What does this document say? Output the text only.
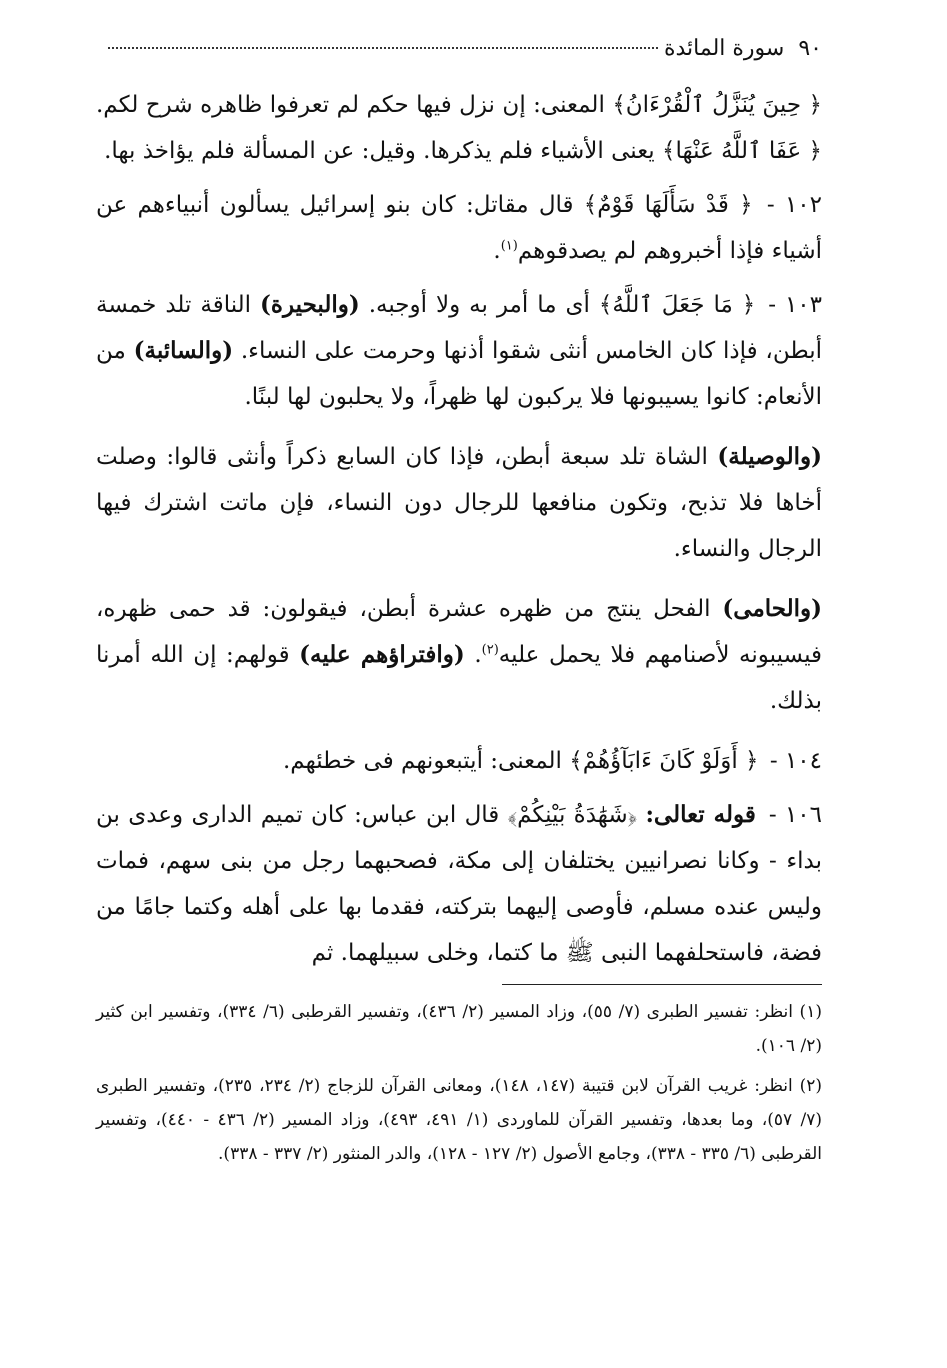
٩٠
سورة المائدة

﴿ حِينَ يُنَزَّلُ ٱلْقُرْءَانُ﴾ المعنى: إن نزل فيها حكم لم تعرفوا ظاهره شرح لكم. ﴿ عَفَا ٱللَّهُ عَنْهَا﴾ يعنى الأشياء فلم يذكرها. وقيل: عن المسألة فلم يؤاخذ بها.

١٠٢ - ﴿ قَدْ سَأَلَهَا قَوْمٌ﴾ قال مقاتل: كان بنو إسرائيل يسألون أنبياءهم عن أشياء فإذا أخبروهم لم يصدقوهم$^{(١)}$.

١٠٣ - ﴿ مَا جَعَلَ ٱللَّهُ﴾ أى ما أمر به ولا أوجبه. (والبحيرة) الناقة تلد خمسة أبطن، فإذا كان الخامس أنثى شقوا أذنها وحرمت على النساء. (والسائبة) من الأنعام: كانوا يسيبونها فلا يركبون لها ظهراً، ولا يحلبون لها لبنًا.

(والوصيلة) الشاة تلد سبعة أبطن، فإذا كان السابع ذكراً وأنثى قالوا: وصلت أخاها فلا تذبح، وتكون منافعها للرجال دون النساء، فإن ماتت اشترك فيها الرجال والنساء.

(والحامى) الفحل ينتج من ظهره عشرة أبطن، فيقولون: قد حمى ظهره، فيسيبونه لأصنامهم فلا يحمل عليه$^{(٢)}$. (وافتراؤهم عليه) قولهم: إن الله أمرنا بذلك.

١٠٤ - ﴿ أَوَلَوْ كَانَ ءَابَآؤُهُمْ﴾ المعنى: أيتبعونهم فى خطئهم.

١٠٦ - قوله تعالى: ﴿شَهَٰدَةُ بَيْنِكُمْ﴾ قال ابن عباس: كان تميم الدارى وعدى بن بداء - وكانا نصرانيين يختلفان إلى مكة، فصحبهما رجل من بنى سهم، فمات وليس عنده مسلم، فأوصى إليهما بتركته، فقدما بها على أهله وكتما جامًا من فضة، فاستحلفهما النبى ﷺ ما كتما، وخلى سبيلهما. ثم

(١) انظر: تفسير الطبرى (٧/ ٥٥)، وزاد المسير (٢/ ٤٣٦)، وتفسير القرطبى (٦/ ٣٣٤)، وتفسير ابن كثير (٢/ ١٠٦).

(٢) انظر: غريب القرآن لابن قتيبة (١٤٧، ١٤٨)، ومعانى القرآن للزجاج (٢/ ٢٣٤، ٢٣٥)، وتفسير الطبرى (٧/ ٥٧)، وما بعدها، وتفسير القرآن للماوردى (١/ ٤٩١، ٤٩٣)، وزاد المسير (٢/ ٤٣٦ - ٤٤٠)، وتفسير القرطبى (٦/ ٣٣٥ - ٣٣٨)، وجامع الأصول (٢/ ١٢٧ - ١٢٨)، والدر المنثور (٢/ ٣٣٧ - ٣٣٨).
